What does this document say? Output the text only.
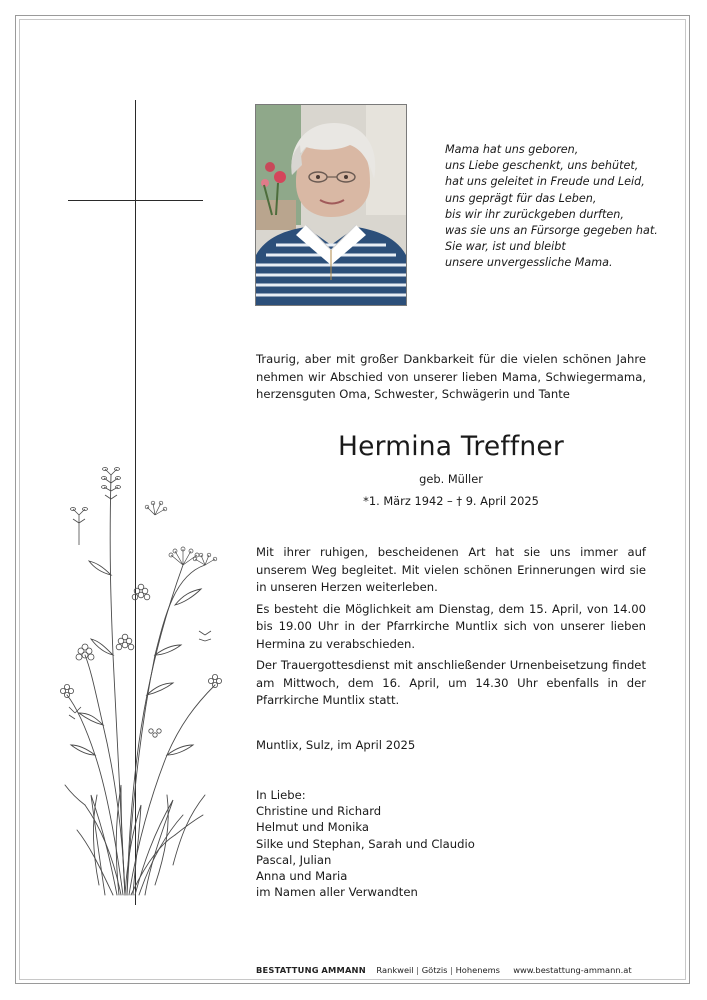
Mama hat uns geboren,
uns Liebe geschenkt, uns behütet,
hat uns geleitet in Freude und Leid,
uns geprägt für das Leben,
bis wir ihr zurückgeben durften,
was sie uns an Fürsorge gegeben hat.
Sie war, ist und bleibt
unsere unvergessliche Mama.
Traurig, aber mit großer Dankbarkeit für die vielen schönen Jahre nehmen wir Abschied von unserer lieben Mama, Schwiegermama, herzensguten Oma, Schwester, Schwägerin und Tante
Hermina Treffner
geb. Müller
*1. März 1942 – † 9. April 2025

Mit ihrer ruhigen, bescheidenen Art hat sie uns immer auf unserem Weg begleitet. Mit vielen schönen Erinnerungen wird sie in unseren Herzen weiterleben.

Es besteht die Möglichkeit am Dienstag, dem 15. April, von 14.00 bis 19.00 Uhr in der Pfarrkirche Muntlix sich von unserer lieben Hermina zu verabschieden.

Der Trauergottesdienst mit anschließender Urnenbeisetzung findet am Mittwoch, dem 16. April, um 14.30 Uhr ebenfalls in der Pfarrkirche Muntlix statt.

Muntlix, Sulz, im April 2025
In Liebe:
Christine und Richard
Helmut und Monika
Silke und Stephan, Sarah und Claudio
Pascal, Julian
Anna und Maria
im Namen aller Verwandten
BESTATTUNG AMMANN Rankweil | Götzis | Hohenems www.bestattung-ammann.at
